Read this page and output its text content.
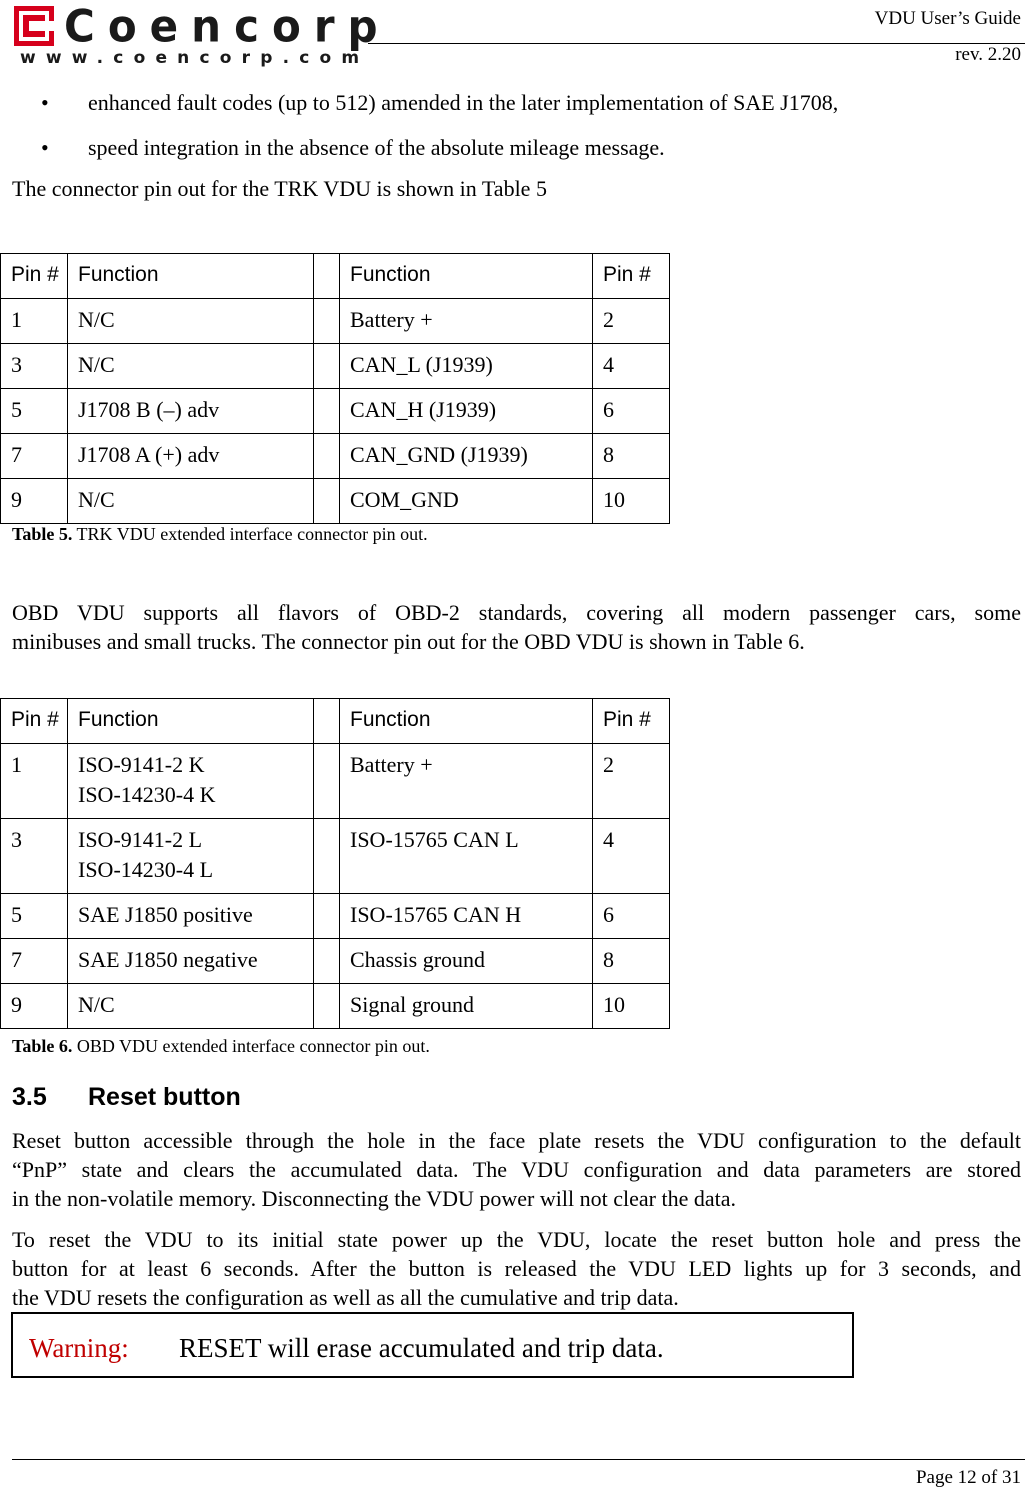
Coencorp
www.coencorp.com
VDU User’s Guide
rev. 2.20
• enhanced fault codes (up to 512) amended in the later implementation of SAE J1708,
• speed integration in the absence of the absolute mileage message.
The connector pin out for the TRK VDU is shown in Table 5
Pin #	Function		Function	Pin #
1	N/C		Battery +	2
3	N/C		CAN_L (J1939)	4
5	J1708 B (–) adv		CAN_H (J1939)	6
7	J1708 A (+) adv		CAN_GND (J1939)	8
9	N/C		COM_GND	10
Table 5. TRK VDU extended interface connector pin out.
OBD VDU supports all flavors of OBD-2 standards, covering all modern passenger cars, some
minibuses and small trucks. The connector pin out for the OBD VDU is shown in Table 6.
Pin #	Function		Function	Pin #
1	ISO-9141-2 K
ISO-14230-4 K		Battery +	2
3	ISO-9141-2 L
ISO-14230-4 L		ISO-15765 CAN L	4
5	SAE J1850 positive		ISO-15765 CAN H	6
7	SAE J1850 negative		Chassis ground	8
9	N/C		Signal ground	10
Table 6. OBD VDU extended interface connector pin out.
3.5 Reset button
Reset button accessible through the hole in the face plate resets the VDU configuration to the default
“PnP” state and clears the accumulated data. The VDU configuration and data parameters are stored
in the non-volatile memory. Disconnecting the VDU power will not clear the data.
To reset the VDU to its initial state power up the VDU, locate the reset button hole and press the
button for at least 6 seconds. After the button is released the VDU LED lights up for 3 seconds, and
the VDU resets the configuration as well as all the cumulative and trip data.
Warning: RESET will erase accumulated and trip data.
Page 12 of 31
